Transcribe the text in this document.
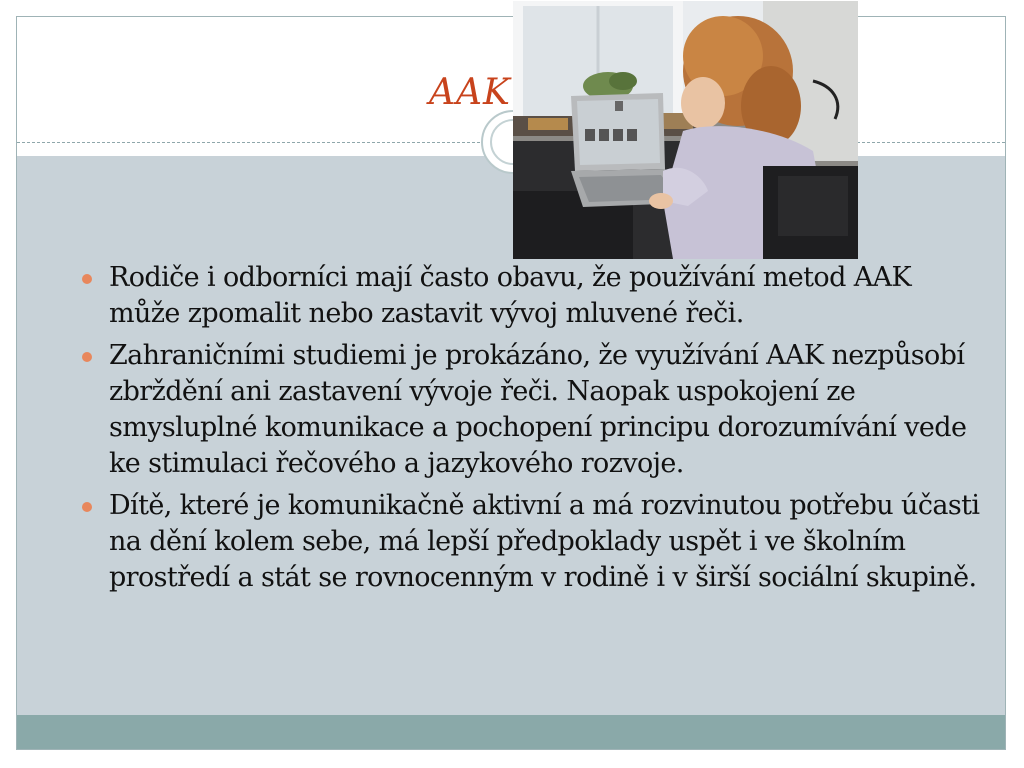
AAK
Rodiče i odborníci mají často obavu, že používání metod AAK může zpomalit nebo zastavit vývoj mluvené řeči.
Zahraničními studiemi je prokázáno, že využívání AAK nezpůsobí zbrždění ani zastavení vývoje řeči. Naopak uspokojení ze smysluplné komunikace a pochopení principu dorozumívání vede ke stimulaci řečového a jazykového rozvoje.
Dítě, které je komunikačně aktivní a má rozvinutou potřebu účasti na dění kolem sebe, má lepší předpoklady uspět i ve školním prostředí a stát se rovnocenným v rodině i v širší sociální skupině.
